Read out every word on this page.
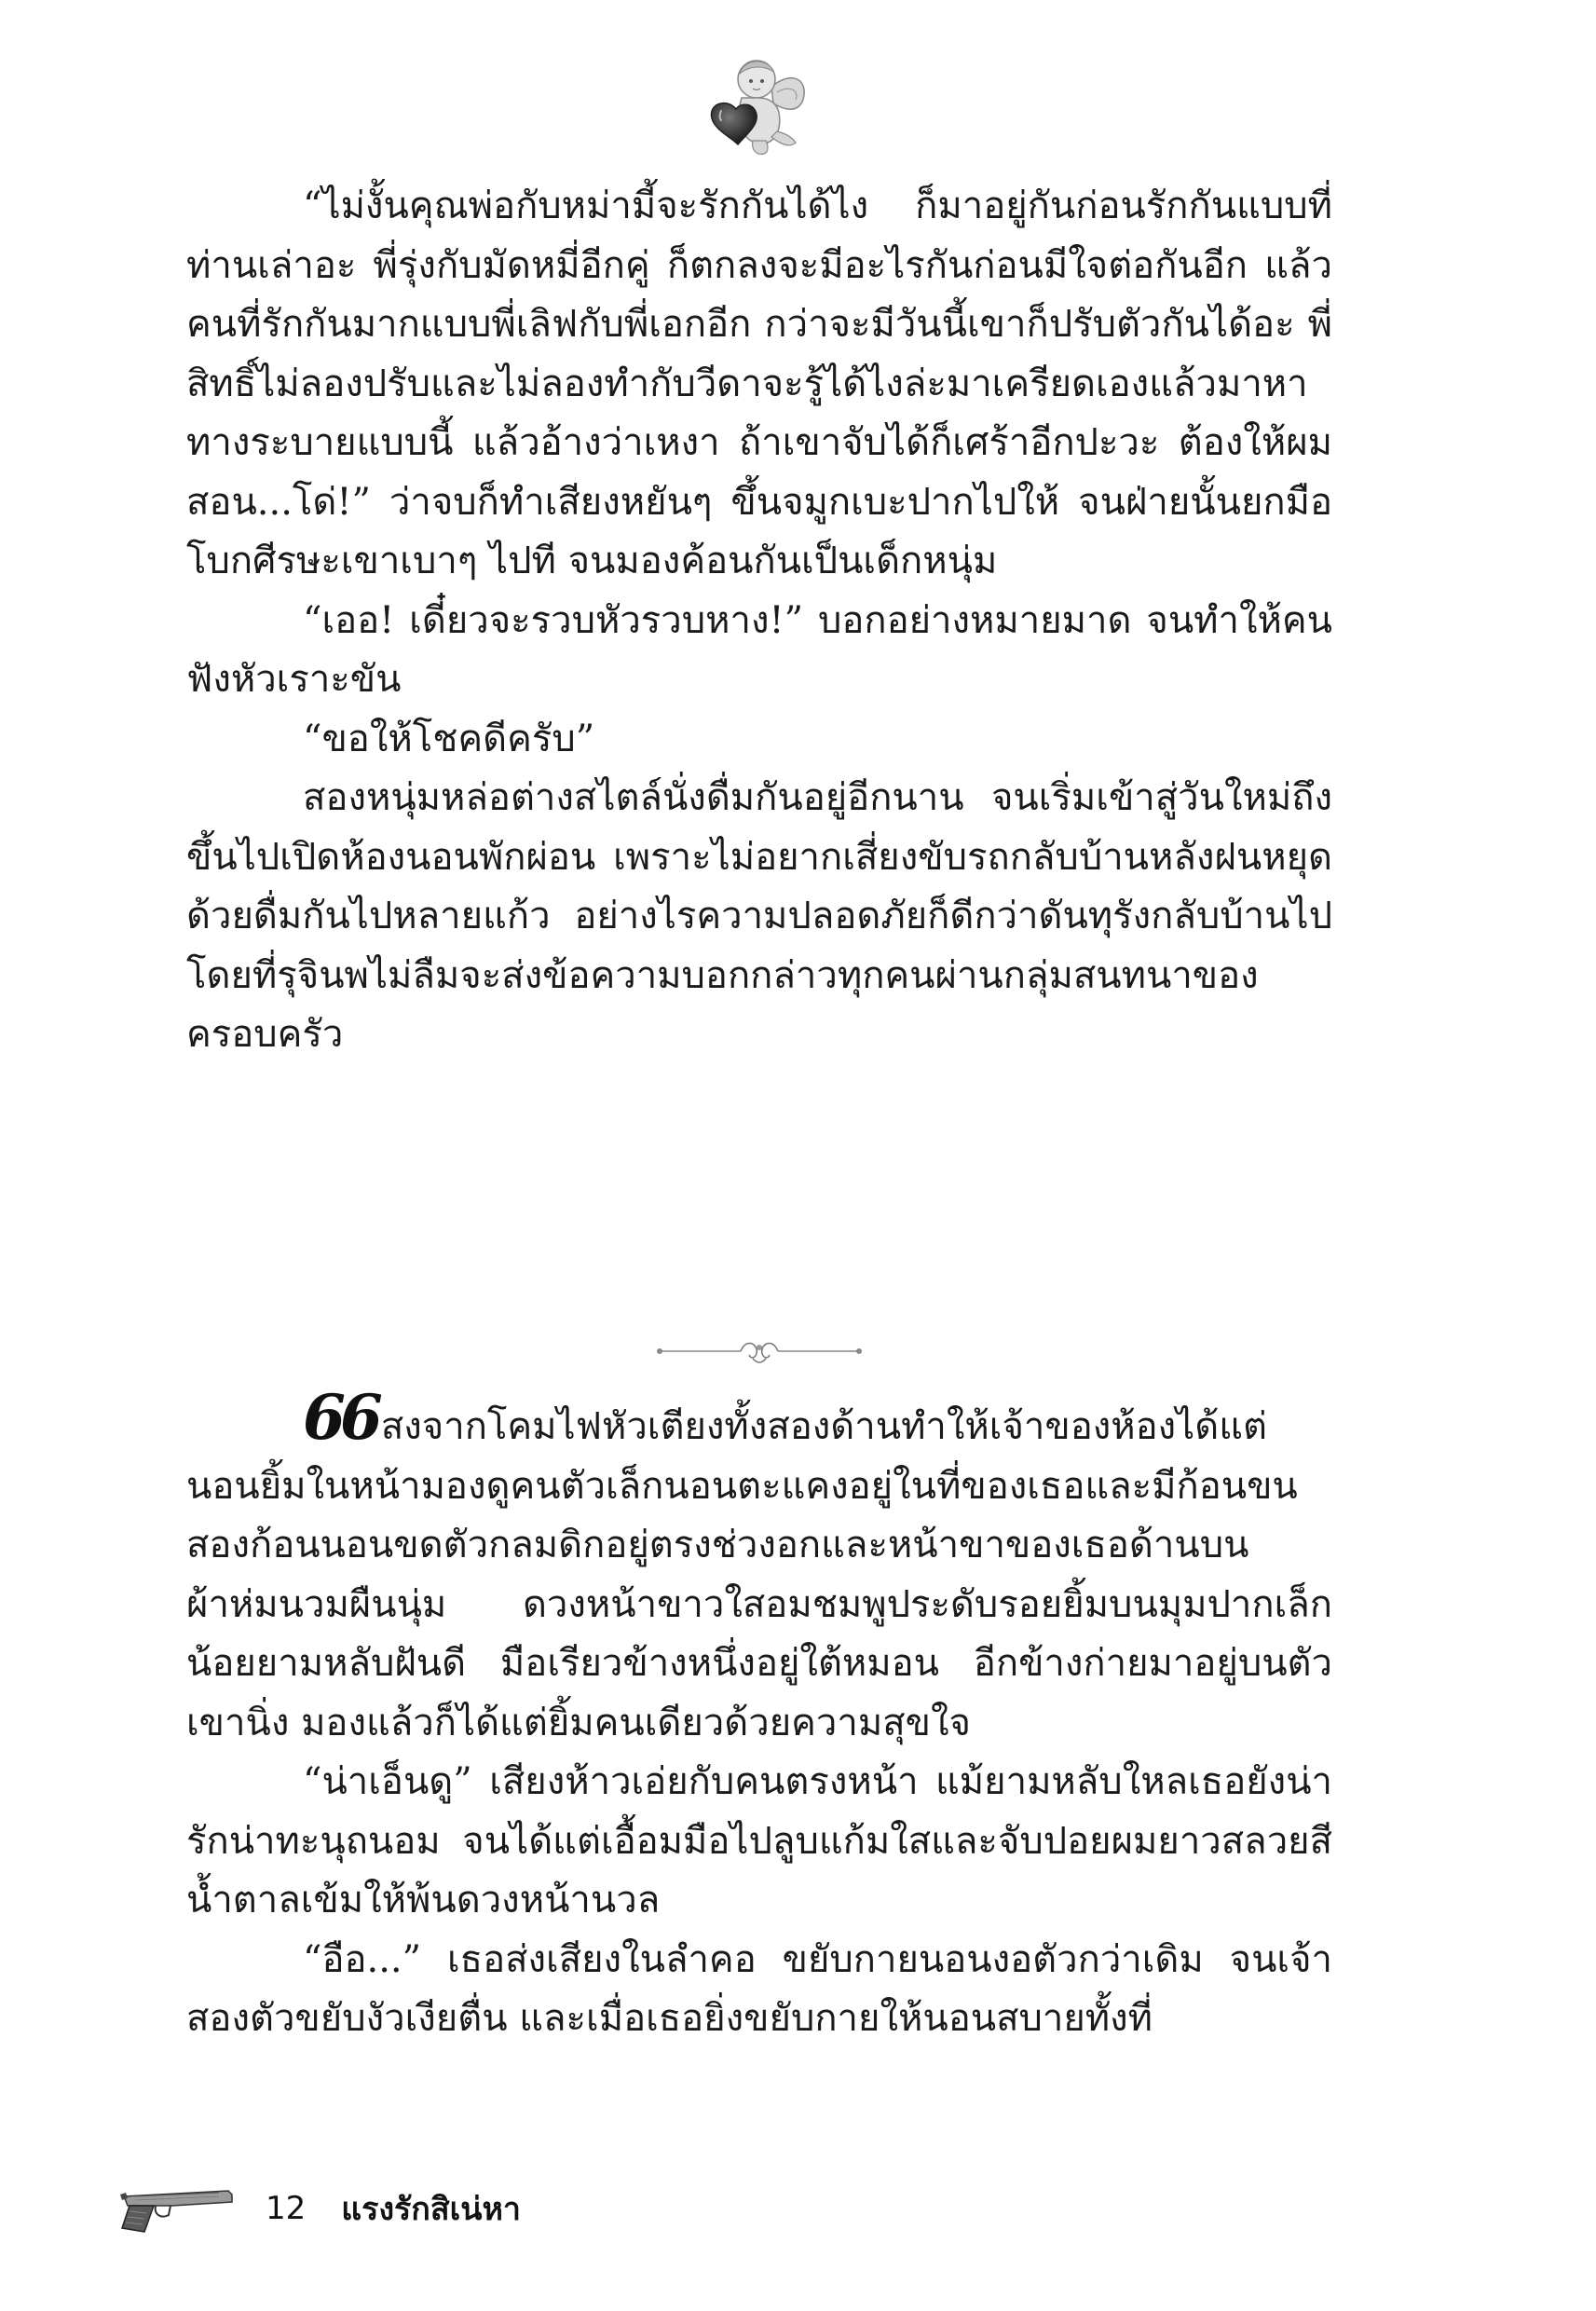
“ไม่งั้นคุณพ่อกับหม่ามี้จะรักกันได้ไง ก็มาอยู่กันก่อนรักกันแบบที่ท่านเล่าอะ พี่รุ่งกับมัดหมี่อีกคู่ ก็ตกลงจะมีอะไรกันก่อนมีใจต่อกันอีก แล้วคนที่รักกันมากแบบพี่เลิฟกับพี่เอกอีก กว่าจะมีวันนี้เขาก็ปรับตัวกันได้อะ พี่สิทธิ์ไม่ลองปรับและไม่ลองทำกับวีดาจะรู้ได้ไงล่ะมาเครียดเองแล้วมาหาทางระบายแบบนี้ แล้วอ้างว่าเหงา ถ้าเขาจับได้ก็เศร้าอีกปะวะ ต้องให้ผมสอน...โด่!” ว่าจบก็ทำเสียงหยันๆ ขึ้นจมูกเบะปากไปให้ จนฝ่ายนั้นยกมือโบกศีรษะเขาเบาๆ ไปที จนมองค้อนกันเป็นเด็กหนุ่ม

“เออ! เดี๋ยวจะรวบหัวรวบหาง!” บอกอย่างหมายมาด จนทำให้คนฟังหัวเราะขัน

“ขอให้โชคดีครับ”

สองหนุ่มหล่อต่างสไตล์นั่งดื่มกันอยู่อีกนาน จนเริ่มเข้าสู่วันใหม่ถึงขึ้นไปเปิดห้องนอนพักผ่อน เพราะไม่อยากเสี่ยงขับรถกลับบ้านหลังฝนหยุดด้วยดื่มกันไปหลายแก้ว อย่างไรความปลอดภัยก็ดีกว่าดันทุรังกลับบ้านไป โดยที่รุจินพไม่ลืมจะส่งข้อความบอกกล่าวทุกคนผ่านกลุ่มสนทนาของครอบครัว

66 สงจากโคมไฟหัวเตียงทั้งสองด้านทำให้เจ้าของห้องได้แต่นอนยิ้มในหน้ามองดูคนตัวเล็กนอนตะแคงอยู่ในที่ของเธอและมีก้อนขนสองก้อนนอนขดตัวกลมดิกอยู่ตรงช่วงอกและหน้าขาของเธอด้านบนผ้าห่มนวมผืนนุ่ม ดวงหน้าขาวใสอมชมพูประดับรอยยิ้มบนมุมปากเล็กน้อยยามหลับฝันดี มือเรียวข้างหนึ่งอยู่ใต้หมอน อีกข้างก่ายมาอยู่บนตัวเขานิ่ง มองแล้วก็ได้แต่ยิ้มคนเดียวด้วยความสุขใจ

“น่าเอ็นดู” เสียงห้าวเอ่ยกับคนตรงหน้า แม้ยามหลับใหลเธอยังน่ารักน่าทะนุถนอม จนได้แต่เอื้อมมือไปลูบแก้มใสและจับปอยผมยาวสลวยสีน้ำตาลเข้มให้พ้นดวงหน้านวล

“อือ...” เธอส่งเสียงในลำคอ ขยับกายนอนงอตัวกว่าเดิม จนเจ้าสองตัวขยับงัวเงียตื่น และเมื่อเธอยิ่งขยับกายให้นอนสบายทั้งที่

12 แรงรักสิเน่หา
